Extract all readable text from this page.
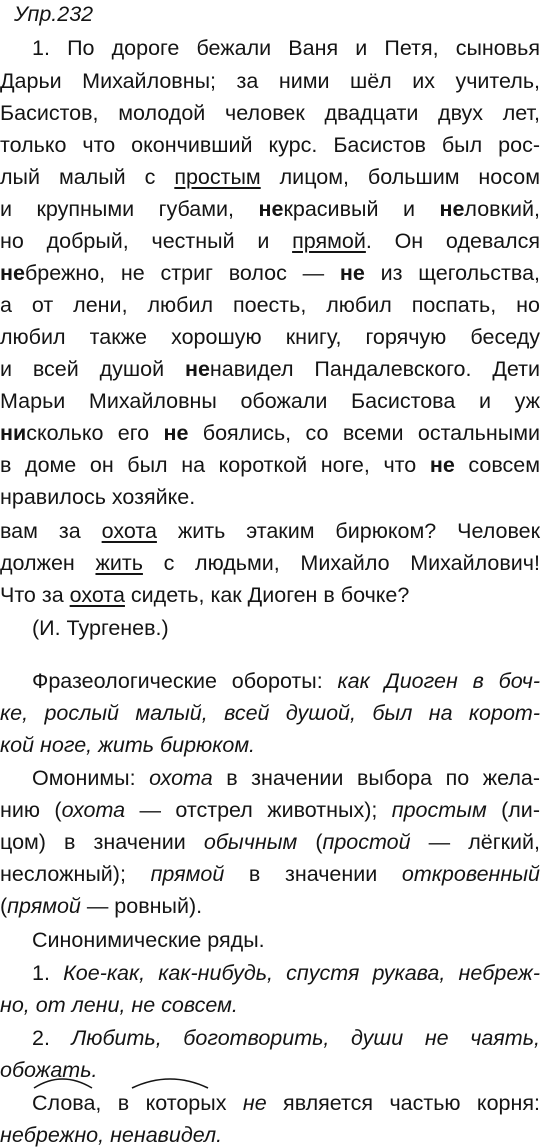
Упр.232
1. По дороге бежали Ваня и Петя, сыновья
Дарьи Михайловны; за ними шёл их учитель,
Басистов, молодой человек двадцати двух лет,
только что окончивший курс. Басистов был рос-
лый малый с простым лицом, большим носом
и крупными губами, некрасивый и неловкий,
но добрый, честный и прямой. Он одевался
небрежно, не стриг волос — не из щегольства,
а от лени, любил поесть, любил поспать, но
любил также хорошую книгу, горячую беседу
и всей душой ненавидел Пандалевского. Дети
Марьи Михайловны обожали Басистова и уж
нисколько его не боялись, со всеми остальными
в доме он был на короткой ноге, что не совсем
нравилось хозяйке.
вам за охота жить этаким бирюком? Человек
должен жить с людьми, Михайло Михайлович!
Что за охота сидеть, как Диоген в бочке?
(И. Тургенев.)
Фразеологические обороты: как Диоген в боч-
ке, рослый малый, всей душой, был на корот-
кой ноге, жить бирюком.
Омонимы: охота в значении выбора по жела-
нию (охота — отстрел животных); простым (ли-
цом) в значении обычным (простой — лёгкий,
несложный); прямой в значении откровенный
(прямой — ровный).
Синонимические ряды.
1. Кое-как, как-нибудь, спустя рукава, небреж-
но, от лени, не совсем.
2. Любить, боготворить, души не чаять,
обожать.
Слова, в которых не является частью корня:
небрежно, ненавидел.
